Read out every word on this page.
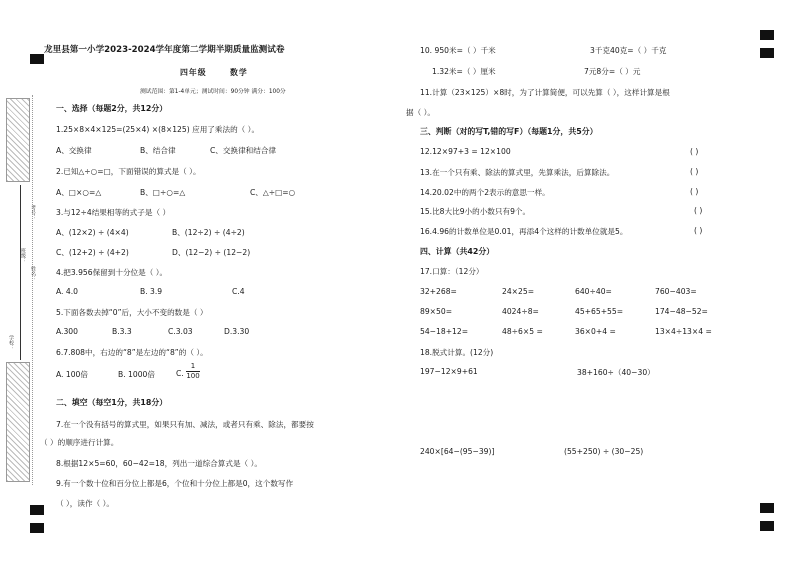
学校：
班级：
姓名：
考号：
龙里县第一小学2023-2024学年度第二学期半期质量监测试卷
四年级	数学
测试范围：第1-4单元；测试时间：90分钟 满分：100分
一、选择（每题2分，共12分）
1.25×8×4×125=(25×4) ×(8×125) 应用了乘法的（ ）。
A、交换律	B、结合律	C、交换律和结合律
2.已知△÷○=□，下面错误的算式是（ ）。
A、□×○=△	B、□÷○=△	C、△÷□=○
3.与12÷4结果相等的式子是（ ）
A、(12×2) ÷ (4×4)	B、(12÷2) ÷ (4÷2)
C、(12+2) ÷ (4+2)	D、(12−2) ÷ (12−2)
4.把3.956保留到十分位是（ ）。
A. 4.0	B. 3.9	C.4
5.下面各数去掉“0”后，大小不变的数是（ ）
A.300	B.3.3	C.3.03	D.3.30
6.7.808中，右边的“8”是左边的“8”的（ ）。
A. 100倍	B. 1000倍	C. $\frac{1}{100}$
二、填空（每空1分，共18分）
7.在一个没有括号的算式里，如果只有加、减法，或者只有乘、除法，都要按
（ ）的顺序进行计算。
8.根据12×5=60，60−42=18，列出一道综合算式是（ ）。
9.有一个数十位和百分位上都是6，个位和十分位上都是0，这个数写作
（ ），读作（ ）。
10. 950米=（ ）千米	3千克40克=（ ）千克
1.32米=（ ）厘米	7元8分=（ ）元
11.计算（23×125）×8时，为了计算简便，可以先算（ ），这样计算是根
据（ ）。
三、判断（对的写T,错的写F）（每题1分，共5分）
12.12×97+3 = 12×100	( )
13.在一个只有乘、除法的算式里，先算乘法，后算除法。	( )
14.20.02中的两个2表示的意思一样。	( )
15.比8大比9小的小数只有9个。	( )
16.4.96的计数单位是0.01，再添4个这样的计数单位就是5。	( )
四、计算（共42分）
17.口算：（12分）
32+268=	24×25=	640÷40=	760−403=
89×50=	4024÷8=	45+65+55=	174−48−52=
54−18+12=	48÷6×5 =	36×0+4 =	13×4÷13×4 =
18.脱式计算。(12分)
197−12×9+61	38+160÷（40−30）
240×[64−(95−39)]	(55+250) ÷ (30−25)
